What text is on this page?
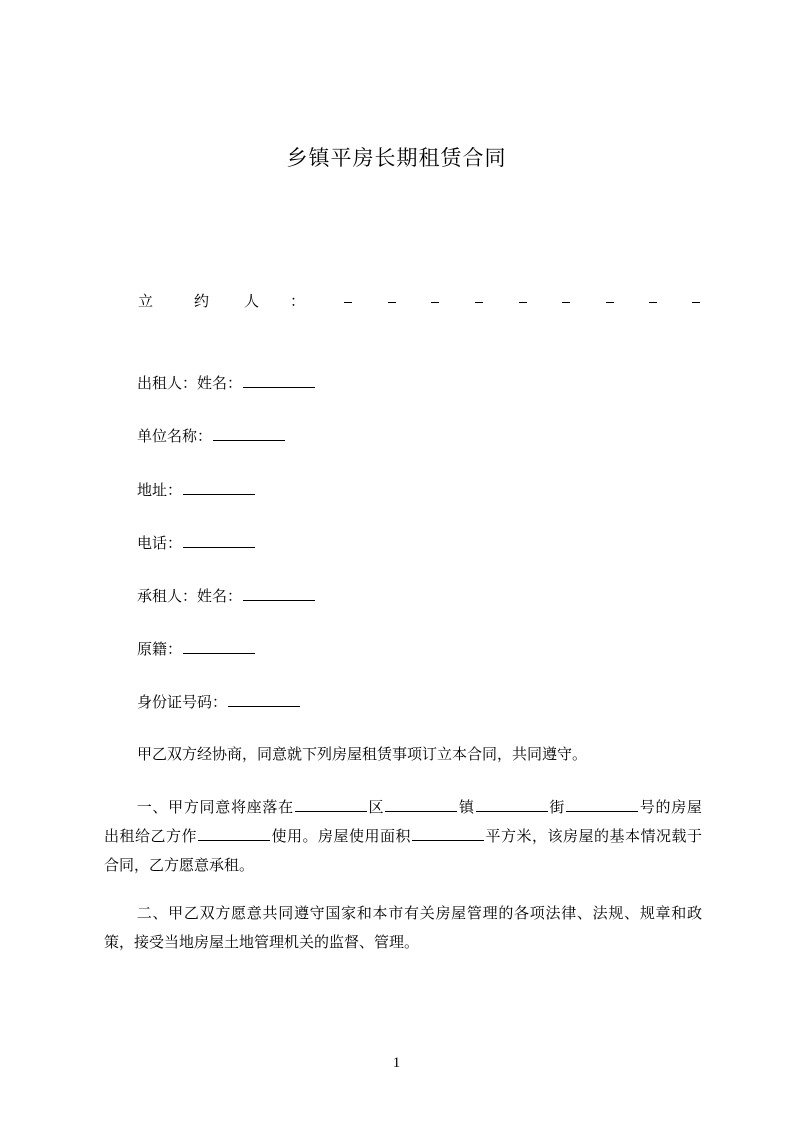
乡镇平房长期租赁合同
立	约 人 ：
出租人：姓名：
单位名称：
地址：
电话：
承租人：姓名：
原籍：
身份证号码：
甲乙双方经协商，同意就下列房屋租赁事项订立本合同，共同遵守。
一、甲方同意将座落在	区	镇	街	号的房屋 出租给乙方作	使用。房屋使用面积	平方米，该房屋的基本情况载于合同，乙方愿意承租。
二、甲乙双方愿意共同遵守国家和本市有关房屋管理的各项法律、法规、规章和政策，接受当地房屋土地管理机关的监督、管理。
1
